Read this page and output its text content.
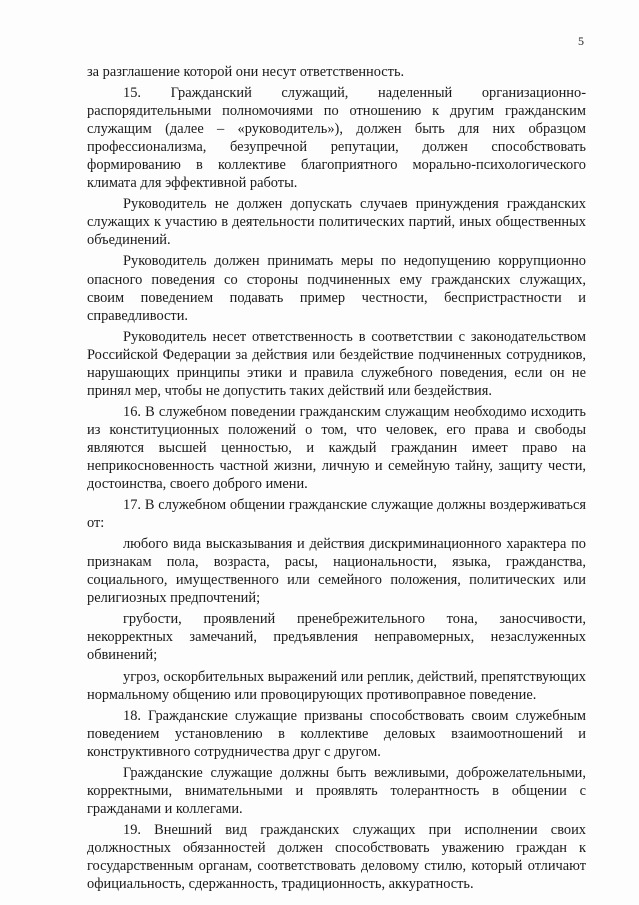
5

за разглашение которой они несут ответственность.

15. Гражданский служащий, наделенный организационно-распорядительными полномочиями по отношению к другим гражданским служащим (далее – «руководитель»), должен быть для них образцом профессионализма, безупречной репутации, должен способствовать формированию в коллективе благоприятного морально-психологического климата для эффективной работы.

Руководитель не должен допускать случаев принуждения гражданских служащих к участию в деятельности политических партий, иных общественных объединений.

Руководитель должен принимать меры по недопущению коррупционно опасного поведения со стороны подчиненных ему гражданских служащих, своим поведением подавать пример честности, беспристрастности и справедливости.

Руководитель несет ответственность в соответствии с законодательством Российской Федерации за действия или бездействие подчиненных сотрудников, нарушающих принципы этики и правила служебного поведения, если он не принял мер, чтобы не допустить таких действий или бездействия.

16. В служебном поведении гражданским служащим необходимо исходить из конституционных положений о том, что человек, его права и свободы являются высшей ценностью, и каждый гражданин имеет право на неприкосновенность частной жизни, личную и семейную тайну, защиту чести, достоинства, своего доброго имени.

17. В служебном общении гражданские служащие должны воздерживаться от:

любого вида высказывания и действия дискриминационного характера по признакам пола, возраста, расы, национальности, языка, гражданства, социального, имущественного или семейного положения, политических или религиозных предпочтений;

грубости, проявлений пренебрежительного тона, заносчивости, некорректных замечаний, предъявления неправомерных, незаслуженных обвинений;

угроз, оскорбительных выражений или реплик, действий, препятствующих нормальному общению или провоцирующих противоправное поведение.

18. Гражданские служащие призваны способствовать своим служебным поведением установлению в коллективе деловых взаимоотношений и конструктивного сотрудничества друг с другом.

Гражданские служащие должны быть вежливыми, доброжелательными, корректными, внимательными и проявлять толерантность в общении с гражданами и коллегами.

19. Внешний вид гражданских служащих при исполнении своих должностных обязанностей должен способствовать уважению граждан к государственным органам, соответствовать деловому стилю, который отличают официальность, сдержанность, традиционность, аккуратность.
